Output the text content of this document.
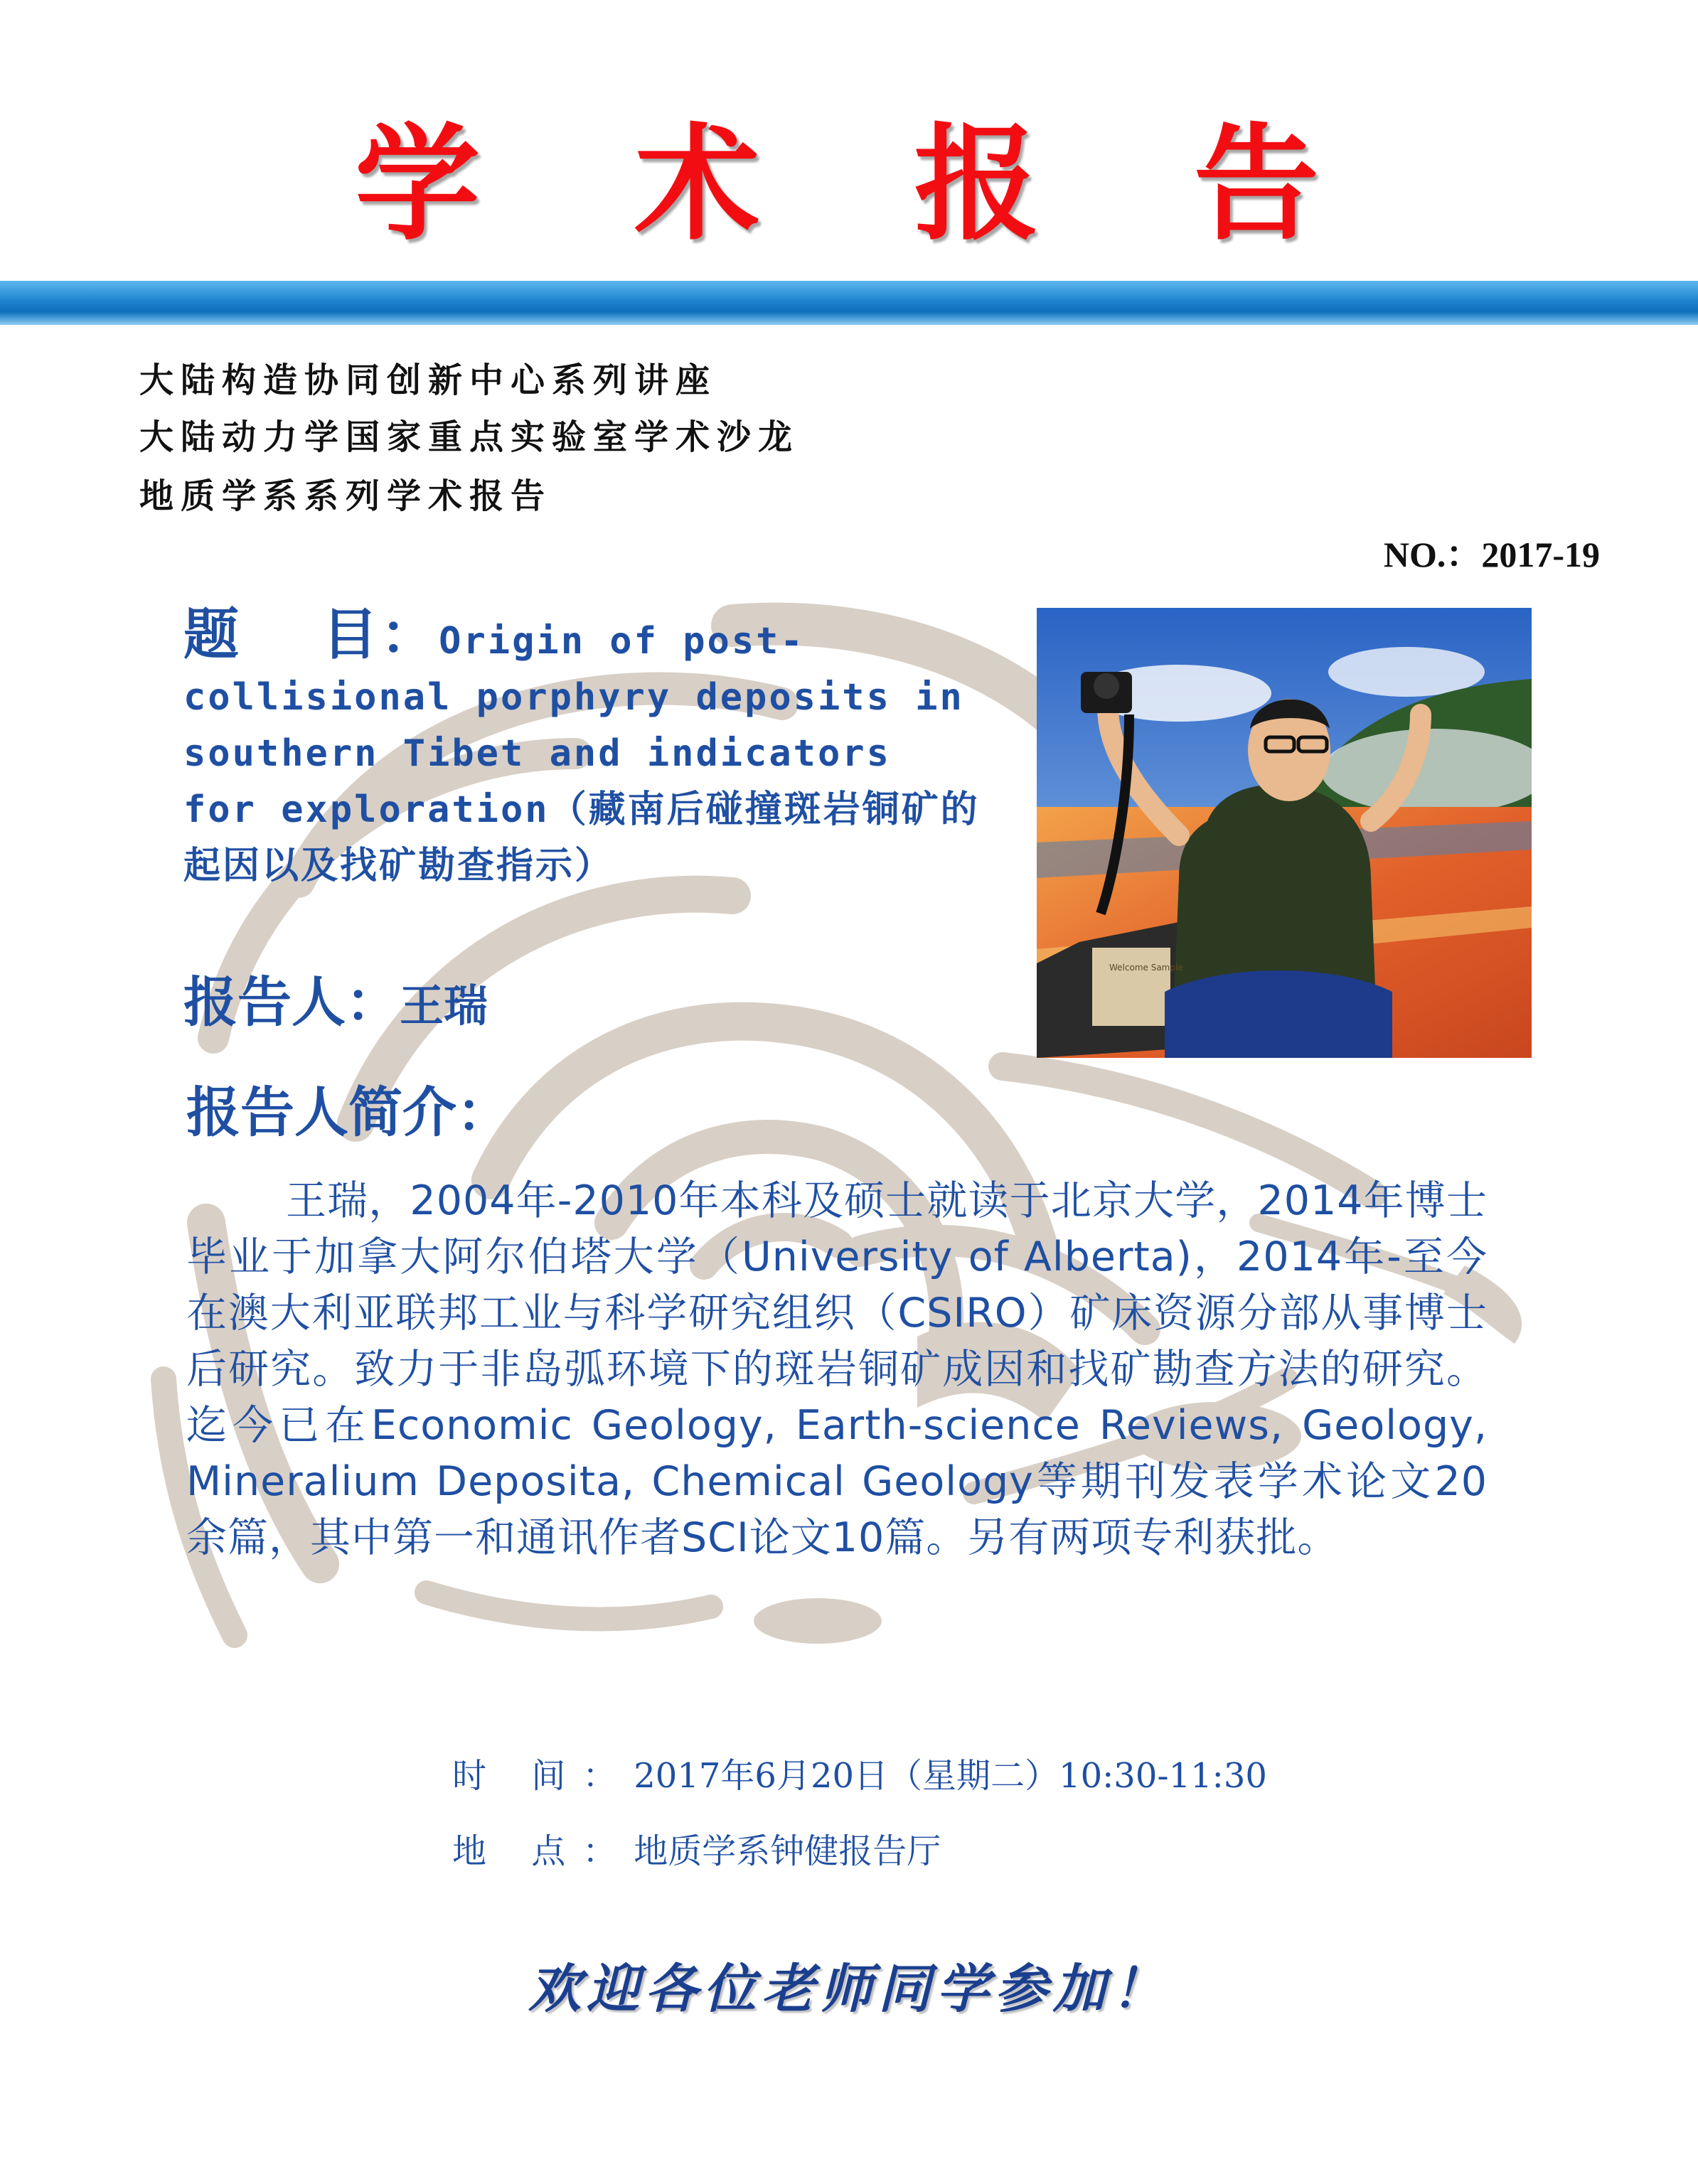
学 术 报 告
大陆构造协同创新中心系列讲座
大陆动力学国家重点实验室学术沙龙
地质学系系列学术报告
NO.：2017-19
题　 目：Origin of post-collisional porphyry deposits in southern Tibet and indicators for exploration（藏南后碰撞斑岩铜矿的起因以及找矿勘查指示）
Welcome Sample
报告人：王瑞
报告人简介：
王瑞，2004年-2010年本科及硕士就读于北京大学，2014年博士毕业于加拿大阿尔伯塔大学（University of Alberta)，2014年-至今在澳大利亚联邦工业与科学研究组织（CSIRO）矿床资源分部从事博士后研究。致力于非岛弧环境下的斑岩铜矿成因和找矿勘查方法的研究。迄今已在Economic Geology, Earth-science Reviews, Geology, Mineralium Deposita, Chemical Geology等期刊发表学术论文20余篇，其中第一和通讯作者SCI论文10篇。另有两项专利获批。
时 间：2017年6月20日（星期二）10:30-11:30
地 点：地质学系钟健报告厅
欢迎各位老师同学参加！
